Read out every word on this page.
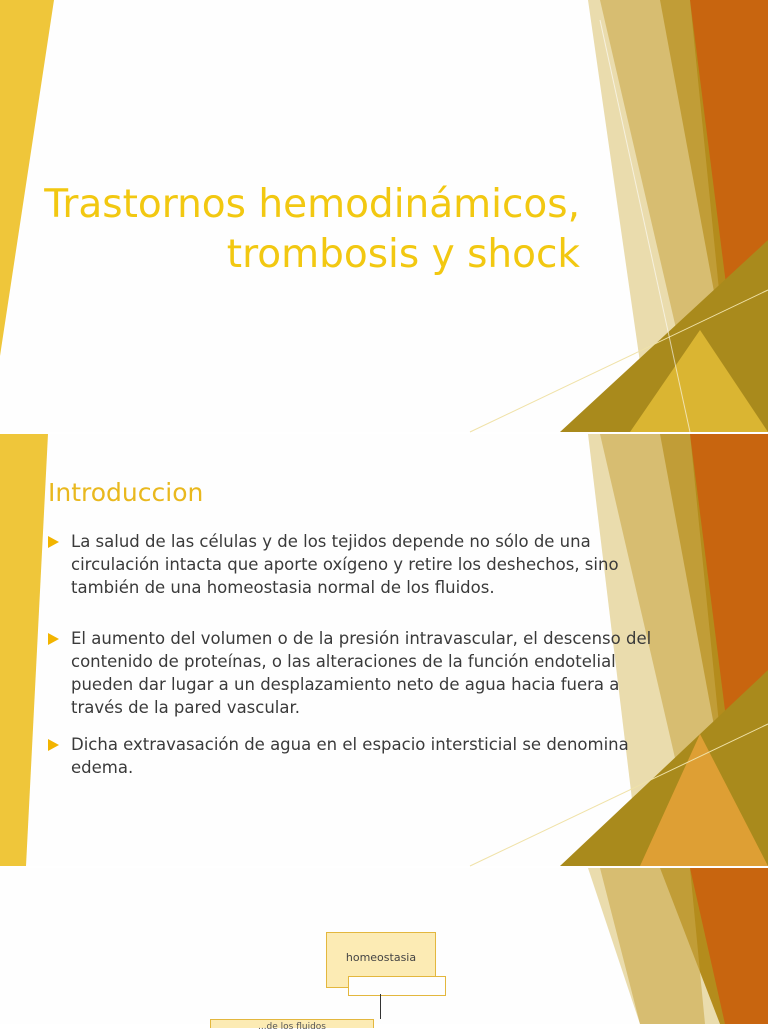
Trastornos hemodinámicos,
trombosis y shock
Introduccion
La salud de las células y de los tejidos depende no sólo de una circulación intacta que aporte oxígeno y retire los deshechos, sino también de una homeostasia normal de los fluidos.
El aumento del volumen o de la presión intravascular, el descenso del contenido de proteínas, o las alteraciones de la función endotelial pueden dar lugar a un desplazamiento neto de agua hacia fuera a través de la pared vascular.
Dicha extravasación de agua en el espacio intersticial se denomina edema.
homeostasia
...de los fluidos
